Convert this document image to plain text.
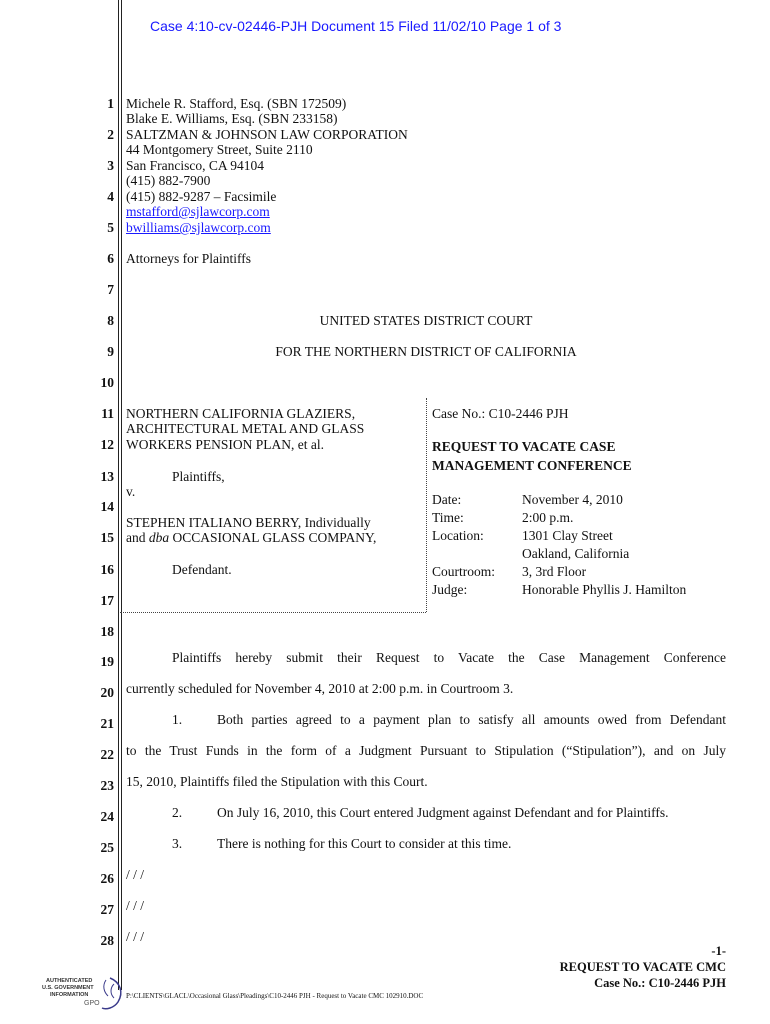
Case 4:10-cv-02446-PJH Document 15 Filed 11/02/10 Page 1 of 3
1
2
3
4
5
6
7
8
9
10
11
12
13
14
15
16
17
18
19
20
21
22
23
24
25
26
27
28
Michele R. Stafford, Esq. (SBN 172509)
Blake E. Williams, Esq. (SBN 233158)
SALTZMAN & JOHNSON LAW CORPORATION
44 Montgomery Street, Suite 2110
San Francisco, CA 94104
(415) 882-7900
(415) 882-9287 – Facsimile
mstafford@sjlawcorp.com
bwilliams@sjlawcorp.com
Attorneys for Plaintiffs
UNITED STATES DISTRICT COURT
FOR THE NORTHERN DISTRICT OF CALIFORNIA
NORTHERN CALIFORNIA GLAZIERS,
ARCHITECTURAL METAL AND GLASS
WORKERS PENSION PLAN, et al.
Plaintiffs,
v.
STEPHEN ITALIANO BERRY, Individually
and dba OCCASIONAL GLASS COMPANY,
Defendant.
Case No.: C10-2446 PJH
REQUEST TO VACATE CASE
MANAGEMENT CONFERENCE
Date:	November 4, 2010
Time:	2:00 p.m.
Location:	1301 Clay Street
Oakland, California
Courtroom: 3, 3rd Floor
Judge:	Honorable Phyllis J. Hamilton
Plaintiffs hereby submit their Request to Vacate the Case Management Conference
currently scheduled for November 4, 2010 at 2:00 p.m. in Courtroom 3.
1.	Both parties agreed to a payment plan to satisfy all amounts owed from Defendant
to the Trust Funds in the form of a Judgment Pursuant to Stipulation (“Stipulation”), and on July
15, 2010, Plaintiffs filed the Stipulation with this Court.
2.	On July 16, 2010, this Court entered Judgment against Defendant and for Plaintiffs.
3.	There is nothing for this Court to consider at this time.
/ / /
/ / /
/ / /
-1-
REQUEST TO VACATE CMC
Case No.: C10-2446 PJH
P:\CLIENTS\GLACL\Occasional Glass\Pleadings\C10-2446 PJH - Request to Vacate CMC 102910.DOC
AUTHENTICATED
U.S. GOVERNMENT
INFORMATION
GPO
